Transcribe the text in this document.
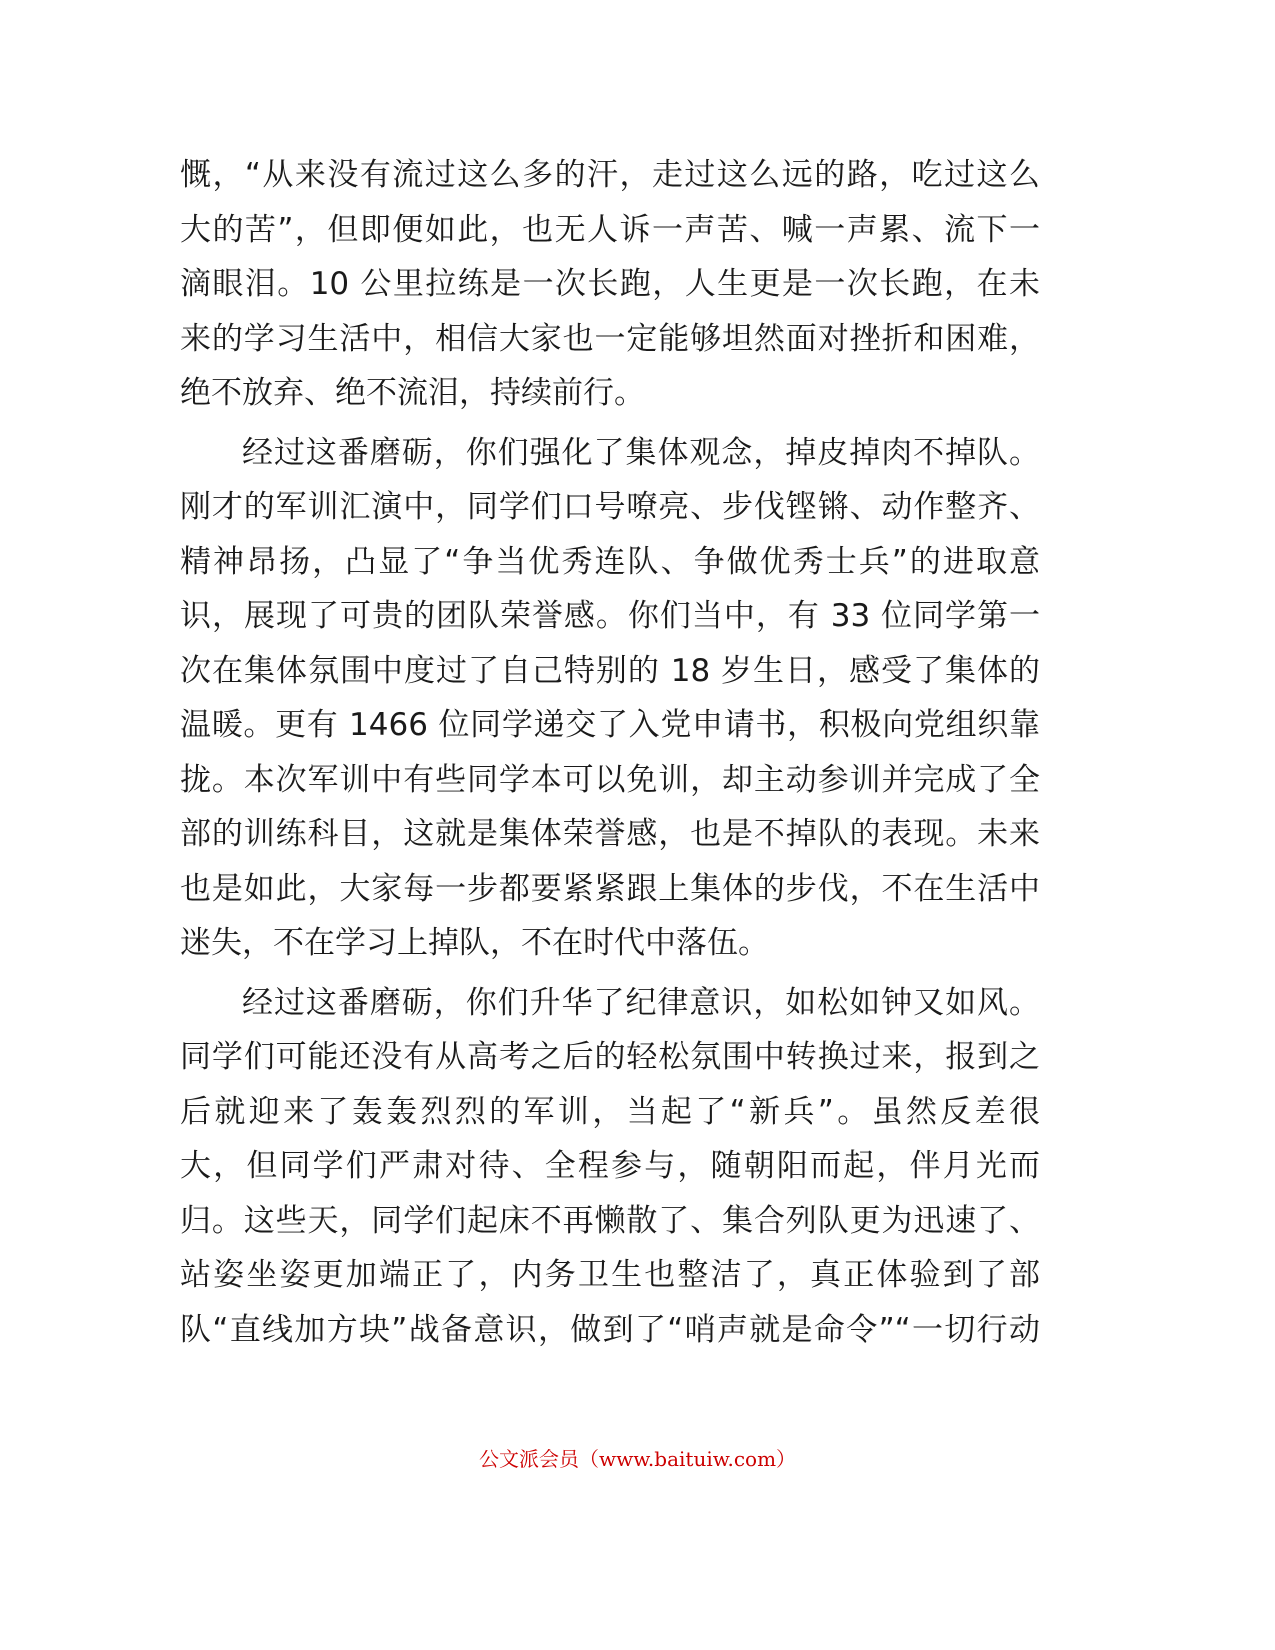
慨，“从来没有流过这么多的汗，走过这么远的路，吃过这么
大的苦”，但即便如此，也无人诉一声苦、喊一声累、流下一
滴眼泪。10 公里拉练是一次长跑，人生更是一次长跑，在未
来的学习生活中，相信大家也一定能够坦然面对挫折和困难，
绝不放弃、绝不流泪，持续前行。
经过这番磨砺，你们强化了集体观念，掉皮掉肉不掉队。
刚才的军训汇演中，同学们口号嘹亮、步伐铿锵、动作整齐、
精神昂扬，凸显了“争当优秀连队、争做优秀士兵”的进取意
识，展现了可贵的团队荣誉感。你们当中，有 33 位同学第一
次在集体氛围中度过了自己特别的 18 岁生日，感受了集体的
温暖。更有 1466 位同学递交了入党申请书，积极向党组织靠
拢。本次军训中有些同学本可以免训，却主动参训并完成了全
部的训练科目，这就是集体荣誉感，也是不掉队的表现。未来
也是如此，大家每一步都要紧紧跟上集体的步伐，不在生活中
迷失，不在学习上掉队，不在时代中落伍。
经过这番磨砺，你们升华了纪律意识，如松如钟又如风。
同学们可能还没有从高考之后的轻松氛围中转换过来，报到之
后就迎来了轰轰烈烈的军训，当起了“新兵”。虽然反差很
大，但同学们严肃对待、全程参与，随朝阳而起，伴月光而
归。这些天，同学们起床不再懒散了、集合列队更为迅速了、
站姿坐姿更加端正了，内务卫生也整洁了，真正体验到了部
队“直线加方块”战备意识，做到了“哨声就是命令”“一切行动
公文派会员（www.baituiw.com）
